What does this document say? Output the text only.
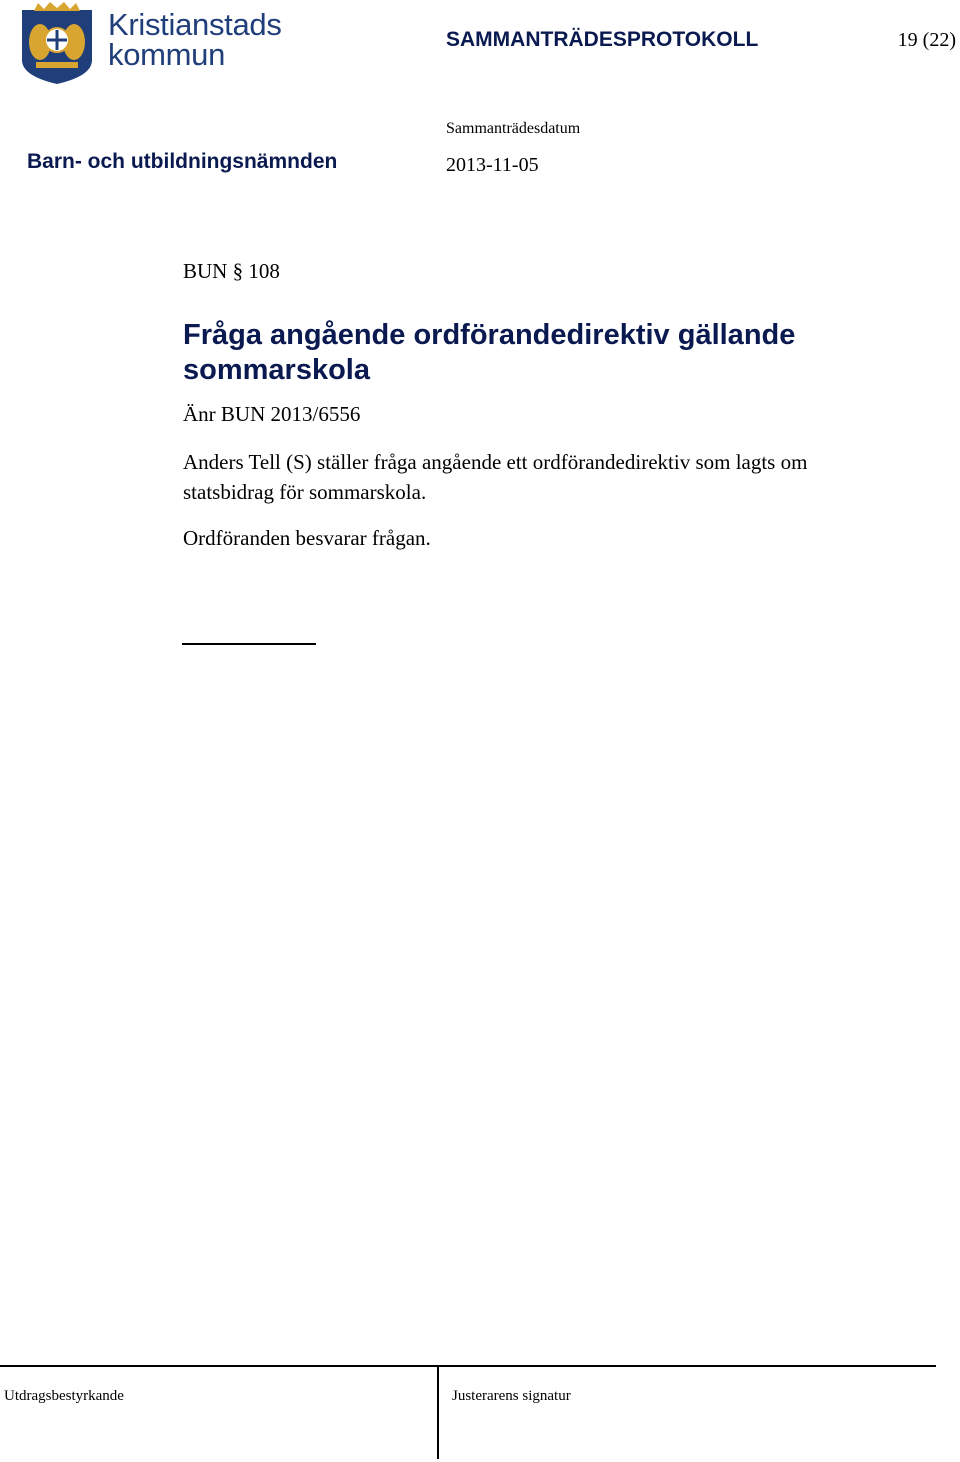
Kristianstads
kommun	SAMMANTRÄDESPROTOKOLL	19 (22)
Sammanträdesdatum
Barn- och utbildningsnämnden	2013-11-05
BUN § 108
Fråga angående ordförandedirektiv gällande sommarskola
Änr BUN 2013/6556
Anders Tell (S) ställer fråga angående ett ordförandedirektiv som lagts om statsbidrag för sommarskola.
Ordföranden besvarar frågan.
Utdragsbestyrkande	Justerarens signatur
